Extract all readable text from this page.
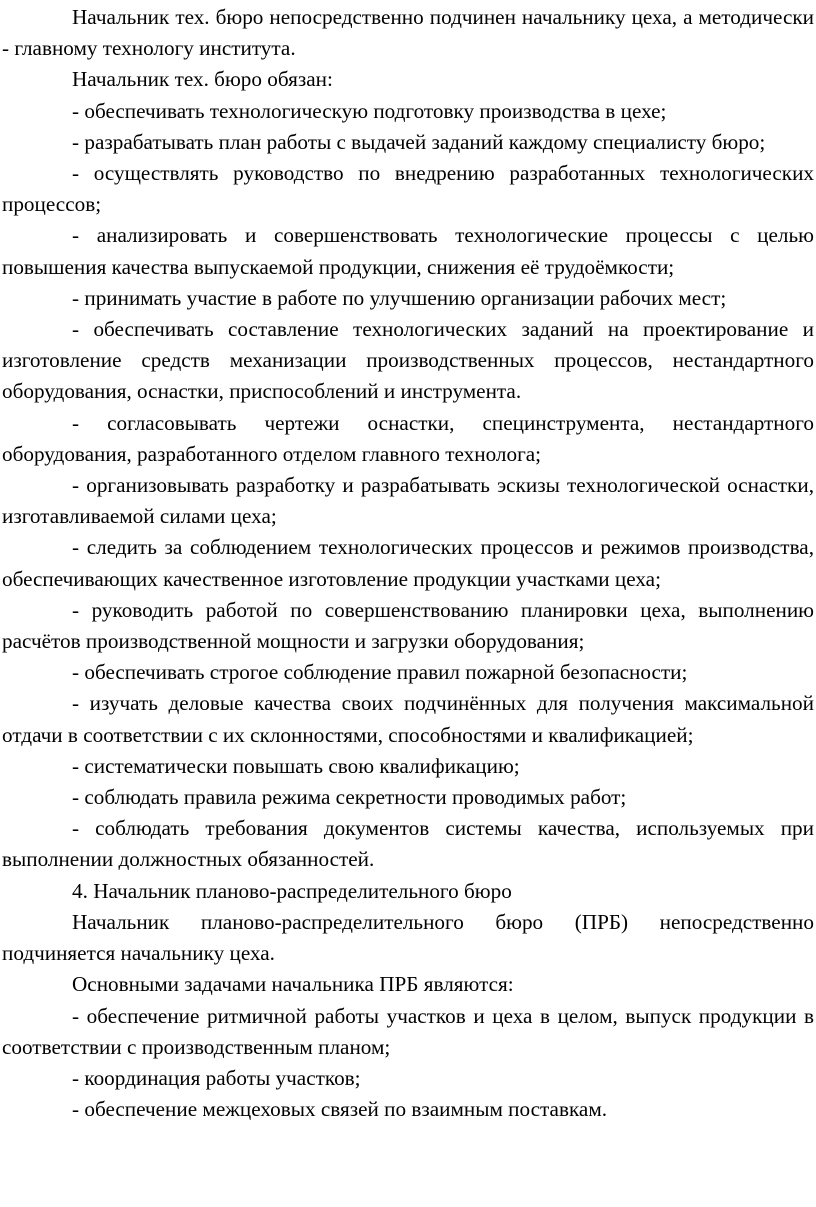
Начальник тех. бюро непосредственно подчинен начальнику цеха, а методически - главному технологу института.

Начальник тех. бюро обязан:

- обеспечивать технологическую подготовку производства в цехе;

- разрабатывать план работы с выдачей заданий каждому специалисту бюро;

- осуществлять руководство по внедрению разработанных технологических процессов;

- анализировать и совершенствовать технологические процессы с целью повышения качества выпускаемой продукции, снижения её трудоёмкости;

- принимать участие в работе по улучшению организации рабочих мест;

- обеспечивать составление технологических заданий на проектирование и изготовление средств механизации производственных процессов, нестандартного оборудования, оснастки, приспособлений и инструмента.

- согласовывать чертежи оснастки, специнструмента, нестандартного оборудования, разработанного отделом главного технолога;

- организовывать разработку и разрабатывать эскизы технологической оснастки, изготавливаемой силами цеха;

- следить за соблюдением технологических процессов и режимов производства, обеспечивающих качественное изготовление продукции участками цеха;

- руководить работой по совершенствованию планировки цеха, выполнению расчётов производственной мощности и загрузки оборудования;

- обеспечивать строгое соблюдение правил пожарной безопасности;

- изучать деловые качества своих подчинённых для получения максимальной отдачи в соответствии с их склонностями, способностями и квалификацией;

- систематически повышать свою квалификацию;

- соблюдать правила режима секретности проводимых работ;

- соблюдать требования документов системы качества, используемых при выполнении должностных обязанностей.

4. Начальник планово-распределительного бюро

Начальник планово-распределительного бюро (ПРБ) непосредственно подчиняется начальнику цеха.

Основными задачами начальника ПРБ являются:

- обеспечение ритмичной работы участков и цеха в целом, выпуск продукции в соответствии с производственным планом;

- координация работы участков;

- обеспечение межцеховых связей по взаимным поставкам.
